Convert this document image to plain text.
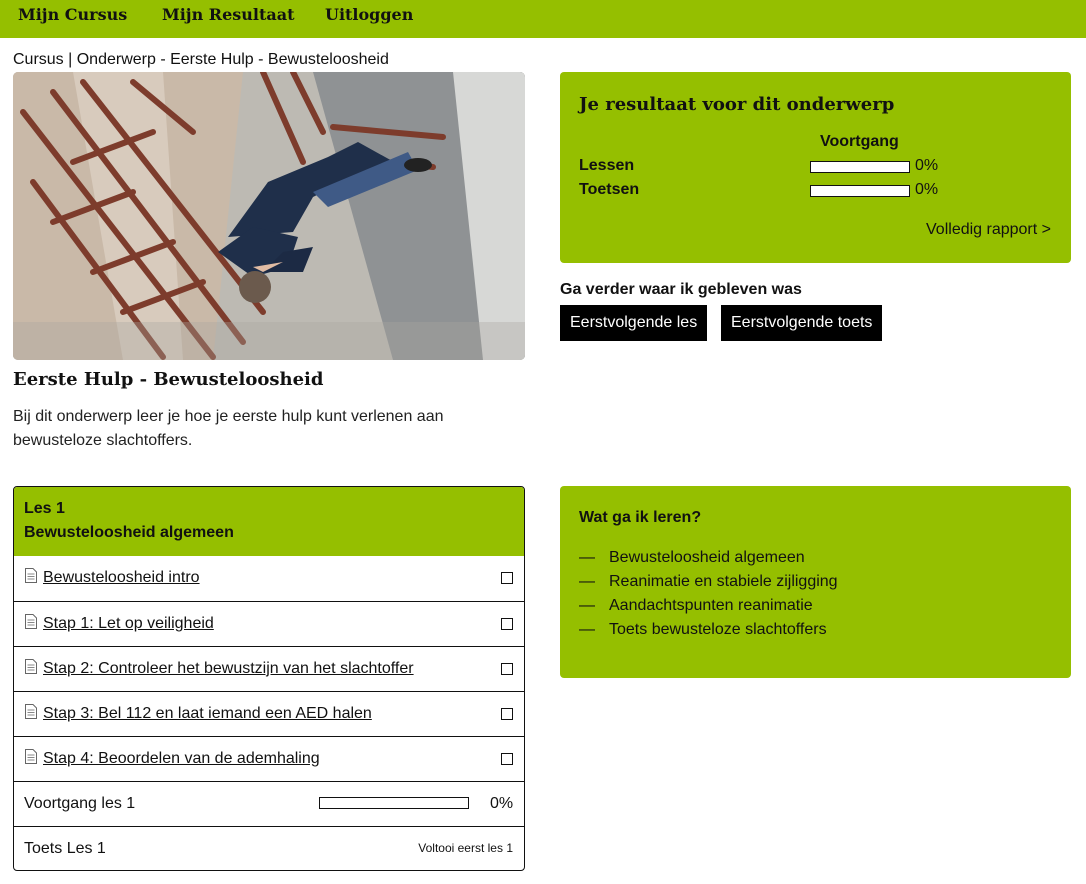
Mijn Cursus Mijn Resultaat Uitloggen
Cursus | Onderwerp - Eerste Hulp - Bewusteloosheid
Eerste Hulp - Bewusteloosheid
Bij dit onderwerp leer je hoe je eerste hulp kunt verlenen aan bewusteloze slachtoffers.
Je resultaat voor dit onderwerp
Voortgang
Lessen	0%
Toetsen	0%
Volledig rapport >
Ga verder waar ik gebleven was
Eerstvolgende les	Eerstvolgende toets
Les 1
Bewusteloosheid algemeen
Bewusteloosheid intro
Stap 1: Let op veiligheid
Stap 2: Controleer het bewustzijn van het slachtoffer
Stap 3: Bel 112 en laat iemand een AED halen
Stap 4: Beoordelen van de ademhaling
Voortgang les 1	0%
Toets Les 1	Voltooi eerst les 1
Wat ga ik leren?
— Bewusteloosheid algemeen
— Reanimatie en stabiele zijligging
— Aandachtspunten reanimatie
— Toets bewusteloze slachtoffers
